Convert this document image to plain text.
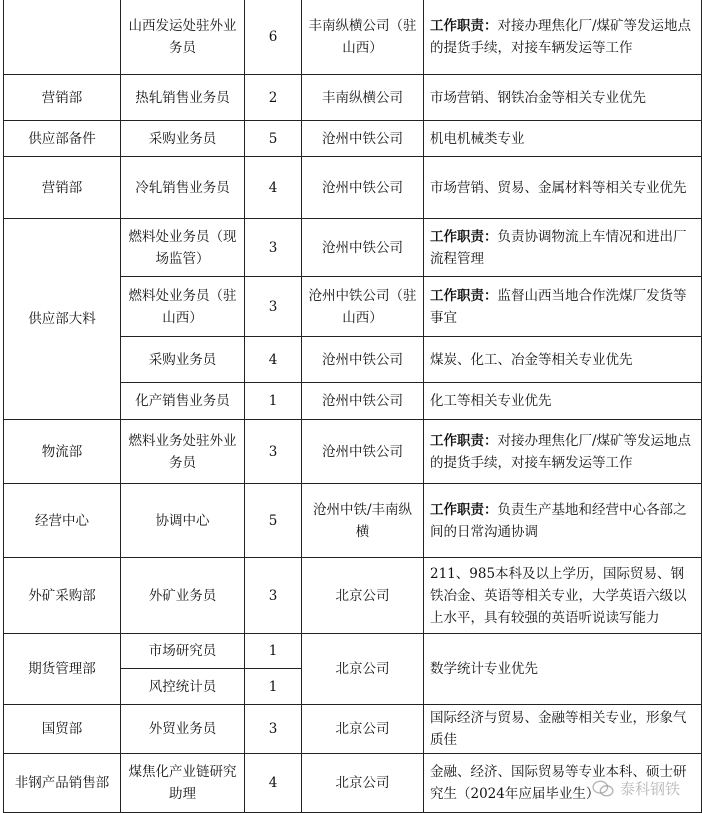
	山西发运处驻外业务员	6	丰南纵横公司（驻山西）	工作职责：对接办理焦化厂/煤矿等发运地点的提货手续，对接车辆发运等工作
营销部	热轧销售业务员	2	丰南纵横公司	市场营销、钢铁冶金等相关专业优先
供应部备件	采购业务员	5	沧州中铁公司	机电机械类专业
营销部	冷轧销售业务员	4	沧州中铁公司	市场营销、贸易、金属材料等相关专业优先
供应部大料	燃料处业务员（现场监管）	3	沧州中铁公司	工作职责：负责协调物流上车情况和进出厂流程管理
	燃料处业务员（驻山西）	3	沧州中铁公司（驻山西）	工作职责：监督山西当地合作洗煤厂发货等事宜
	采购业务员	4	沧州中铁公司	煤炭、化工、冶金等相关专业优先
	化产销售业务员	1	沧州中铁公司	化工等相关专业优先
物流部	燃料业务处驻外业务员	3	沧州中铁公司	工作职责：对接办理焦化厂/煤矿等发运地点的提货手续，对接车辆发运等工作
经营中心	协调中心	5	沧州中铁/丰南纵横	工作职责：负责生产基地和经营中心各部之间的日常沟通协调
外矿采购部	外矿业务员	3	北京公司	211、985本科及以上学历，国际贸易、钢铁冶金、英语等相关专业，大学英语六级以上水平，具有较强的英语听说读写能力
期货管理部	市场研究员	1	北京公司	数学统计专业优先
	风控统计员	1		
国贸部	外贸业务员	3	北京公司	国际经济与贸易、金融等相关专业，形象气质佳
非钢产品销售部	煤焦化产业链研究助理	4	北京公司	金融、经济、国际贸易等专业本科、硕士研究生（2024年应届毕业生） 泰科钢铁
